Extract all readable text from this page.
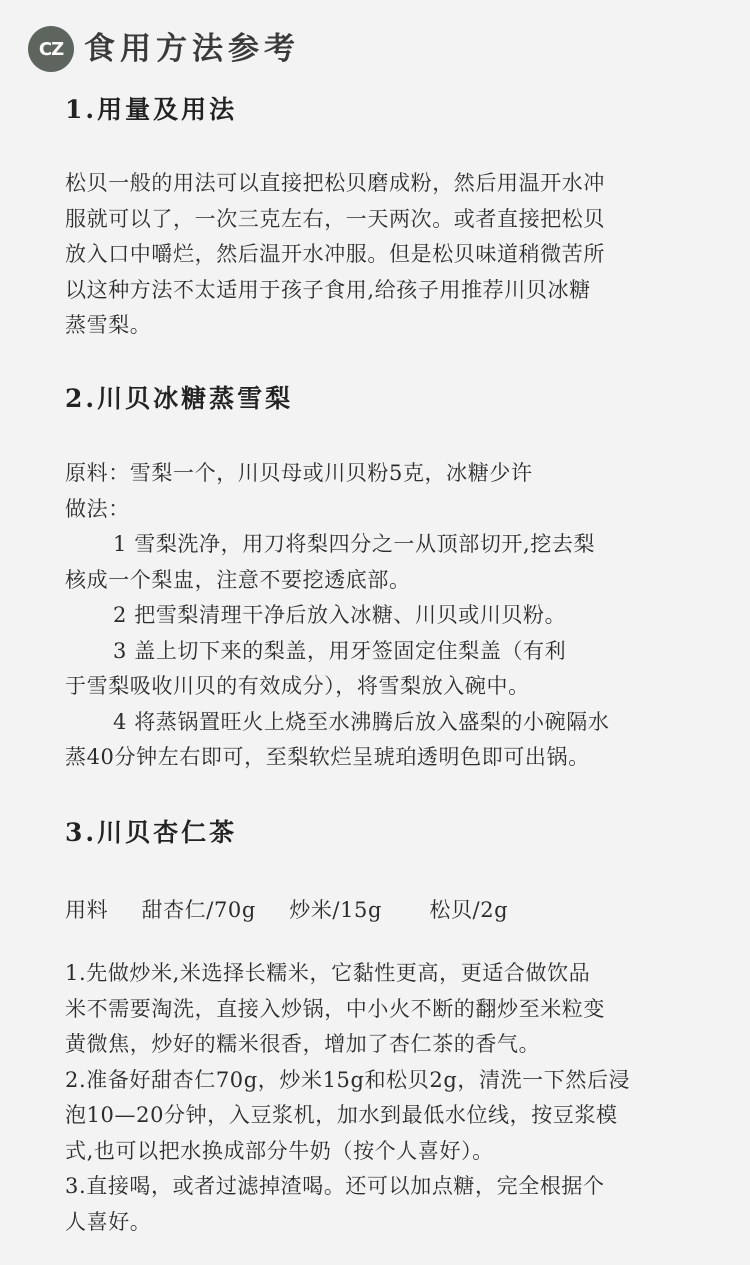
CZ 食用方法参考
1.用量及用法
松贝一般的用法可以直接把松贝磨成粉，然后用温开水冲
服就可以了，一次三克左右，一天两次。或者直接把松贝
放入口中嚼烂，然后温开水冲服。但是松贝味道稍微苦所
以这种方法不太适用于孩子食用,给孩子用推荐川贝冰糖
蒸雪梨。
2.川贝冰糖蒸雪梨
原料：雪梨一个，川贝母或川贝粉5克，冰糖少许
做法：
1 雪梨洗净，用刀将梨四分之一从顶部切开,挖去梨
核成一个梨盅，注意不要挖透底部。
2 把雪梨清理干净后放入冰糖、川贝或川贝粉。
3 盖上切下来的梨盖，用牙签固定住梨盖（有利
于雪梨吸收川贝的有效成分），将雪梨放入碗中。
4 将蒸锅置旺火上烧至水沸腾后放入盛梨的小碗隔水
蒸40分钟左右即可，至梨软烂呈琥珀透明色即可出锅。
3.川贝杏仁茶
用料 甜杏仁/70g 炒米/15g 松贝/2g
1.先做炒米,米选择长糯米，它黏性更高，更适合做饮品
米不需要淘洗，直接入炒锅，中小火不断的翻炒至米粒变
黄微焦，炒好的糯米很香，增加了杏仁茶的香气。
2.准备好甜杏仁70g，炒米15g和松贝2g，清洗一下然后浸
泡10—20分钟，入豆浆机，加水到最低水位线，按豆浆模
式,也可以把水换成部分牛奶（按个人喜好）。
3.直接喝，或者过滤掉渣喝。还可以加点糖，完全根据个
人喜好。
